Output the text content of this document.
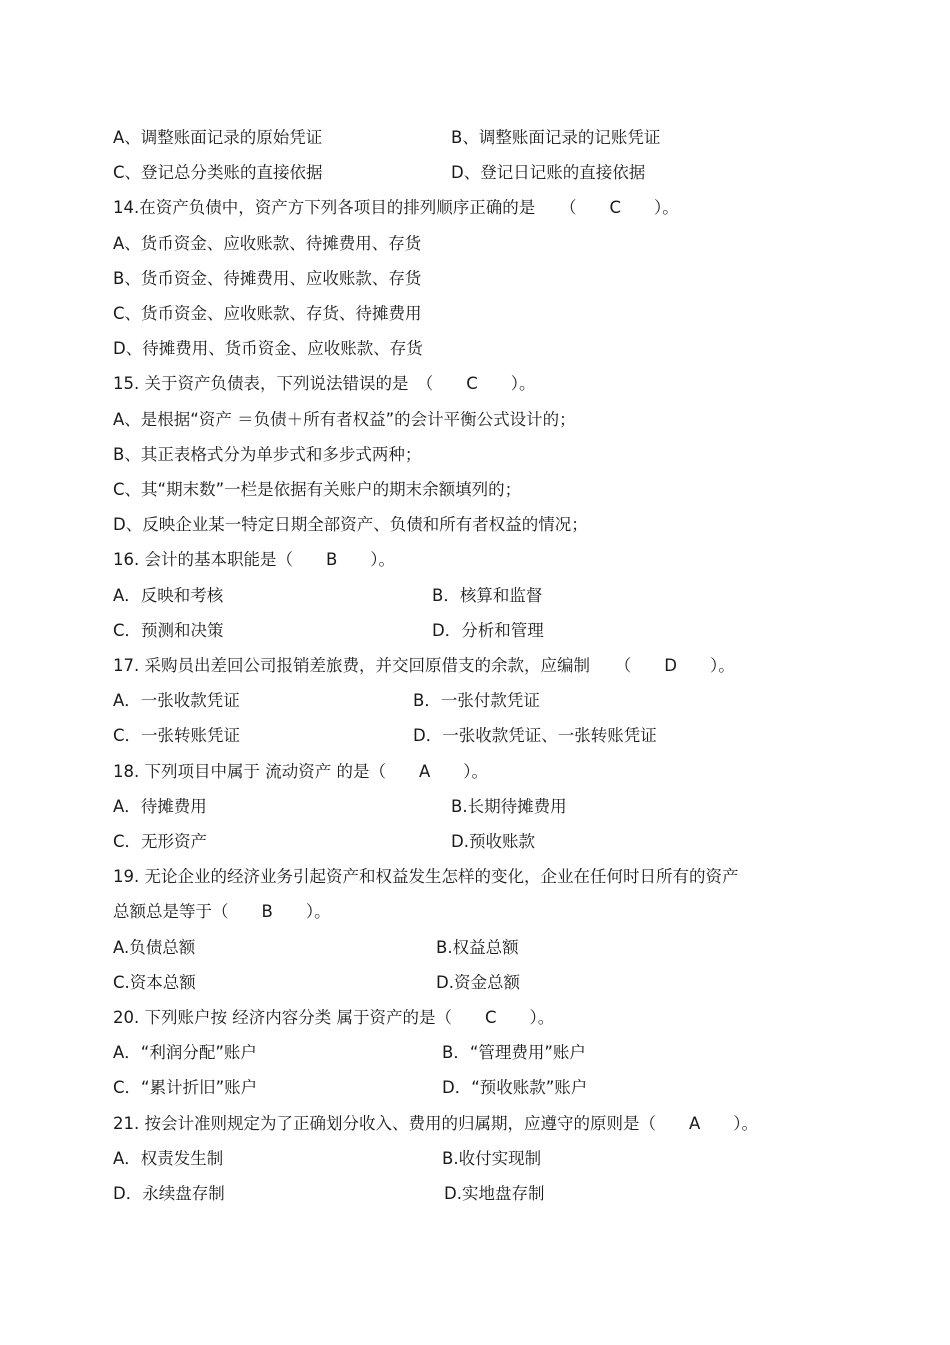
A、调整账面记录的原始凭证	B、调整账面记录的记账凭证
C、登记总分类账的直接依据	D、登记日记账的直接依据
14.在资产负债中，资产方下列各项目的排列顺序正确的是　　（　　C　　）。
A、货币资金、应收账款、待摊费用、存货
B、货币资金、待摊费用、应收账款、存货
C、货币资金、应收账款、存货、待摊费用
D、待摊费用、货币资金、应收账款、存货
15. 关于资产负债表，下列说法错误的是　（　　C　　）。
A、是根据“资产 ＝负债＋所有者权益”的会计平衡公式设计的；
B、其正表格式分为单步式和多步式两种；
C、其“期末数”一栏是依据有关账户的期末余额填列的；
D、反映企业某一特定日期全部资产、负债和所有者权益的情况；
16. 会计的基本职能是（　　B　　）。
A．反映和考核	B．核算和监督
C．预测和决策	D．分析和管理
17. 采购员出差回公司报销差旅费，并交回原借支的余款，应编制　　（　　D　　）。
A．一张收款凭证	B．一张付款凭证
C．一张转账凭证	D．一张收款凭证、一张转账凭证
18. 下列项目中属于 流动资产 的是（　　A　　）。
A．待摊费用	B.长期待摊费用
C．无形资产	D.预收账款
19. 无论企业的经济业务引起资产和权益发生怎样的变化，企业在任何时日所有的资产
总额总是等于（　　B　　）。
A.负债总额	B.权益总额
C.资本总额	D.资金总额
20. 下列账户按 经济内容分类 属于资产的是（　　C　　）。
A．“利润分配”账户	B．“管理费用”账户
C．“累计折旧”账户	D．“预收账款”账户
21. 按会计准则规定为了正确划分收入、费用的归属期，应遵守的原则是（　　A　　）。
A．权责发生制	B.收付实现制
D．永续盘存制	D.实地盘存制
